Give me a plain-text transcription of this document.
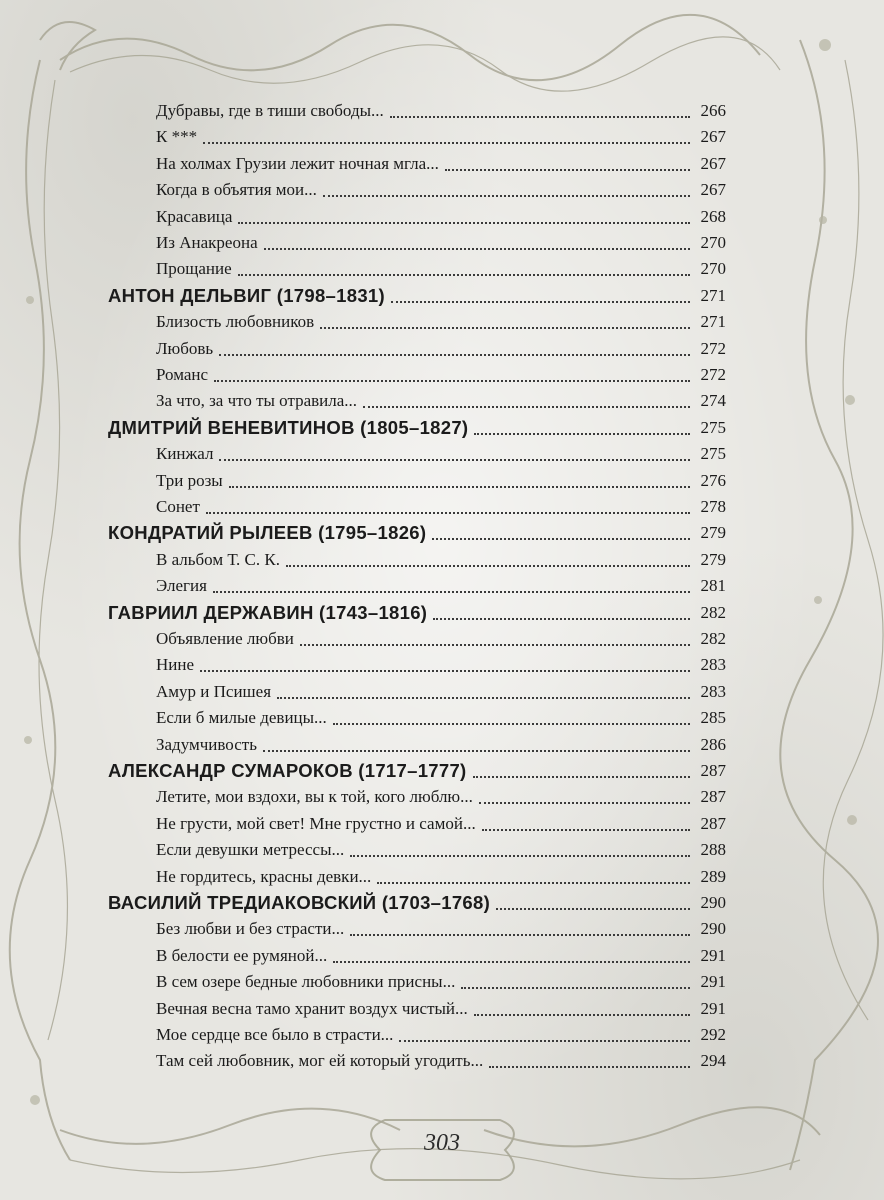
Дубравы, где в тиши свободы...	266
К ***	267
На холмах Грузии лежит ночная мгла...	267
Когда в объятия мои...	267
Красавица	268
Из Анакреона	270
Прощание	270
АНТОН ДЕЛЬВИГ (1798–1831)	271
Близость любовников	271
Любовь	272
Романс	272
За что, за что ты отравила...	274
ДМИТРИЙ ВЕНЕВИТИНОВ (1805–1827)	275
Кинжал	275
Три розы	276
Сонет	278
КОНДРАТИЙ РЫЛЕЕВ (1795–1826)	279
В альбом Т. С. К.	279
Элегия	281
ГАВРИИЛ ДЕРЖАВИН (1743–1816)	282
Объявление любви	282
Нине	283
Амур и Псишея	283
Если б милые девицы...	285
Задумчивость	286
АЛЕКСАНДР СУМАРОКОВ (1717–1777)	287
Летите, мои вздохи, вы к той, кого люблю...	287
Не грусти, мой свет! Мне грустно и самой...	287
Если девушки метрессы...	288
Не гордитесь, красны девки...	289
ВАСИЛИЙ ТРЕДИАКОВСКИЙ (1703–1768)	290
Без любви и без страсти...	290
В белости ее румяной...	291
В сем озере бедные любовники присны...	291
Вечная весна тамо хранит воздух чистый...	291
Мое сердце все было в страсти...	292
Там сей любовник, мог ей который угодить...	294
303
